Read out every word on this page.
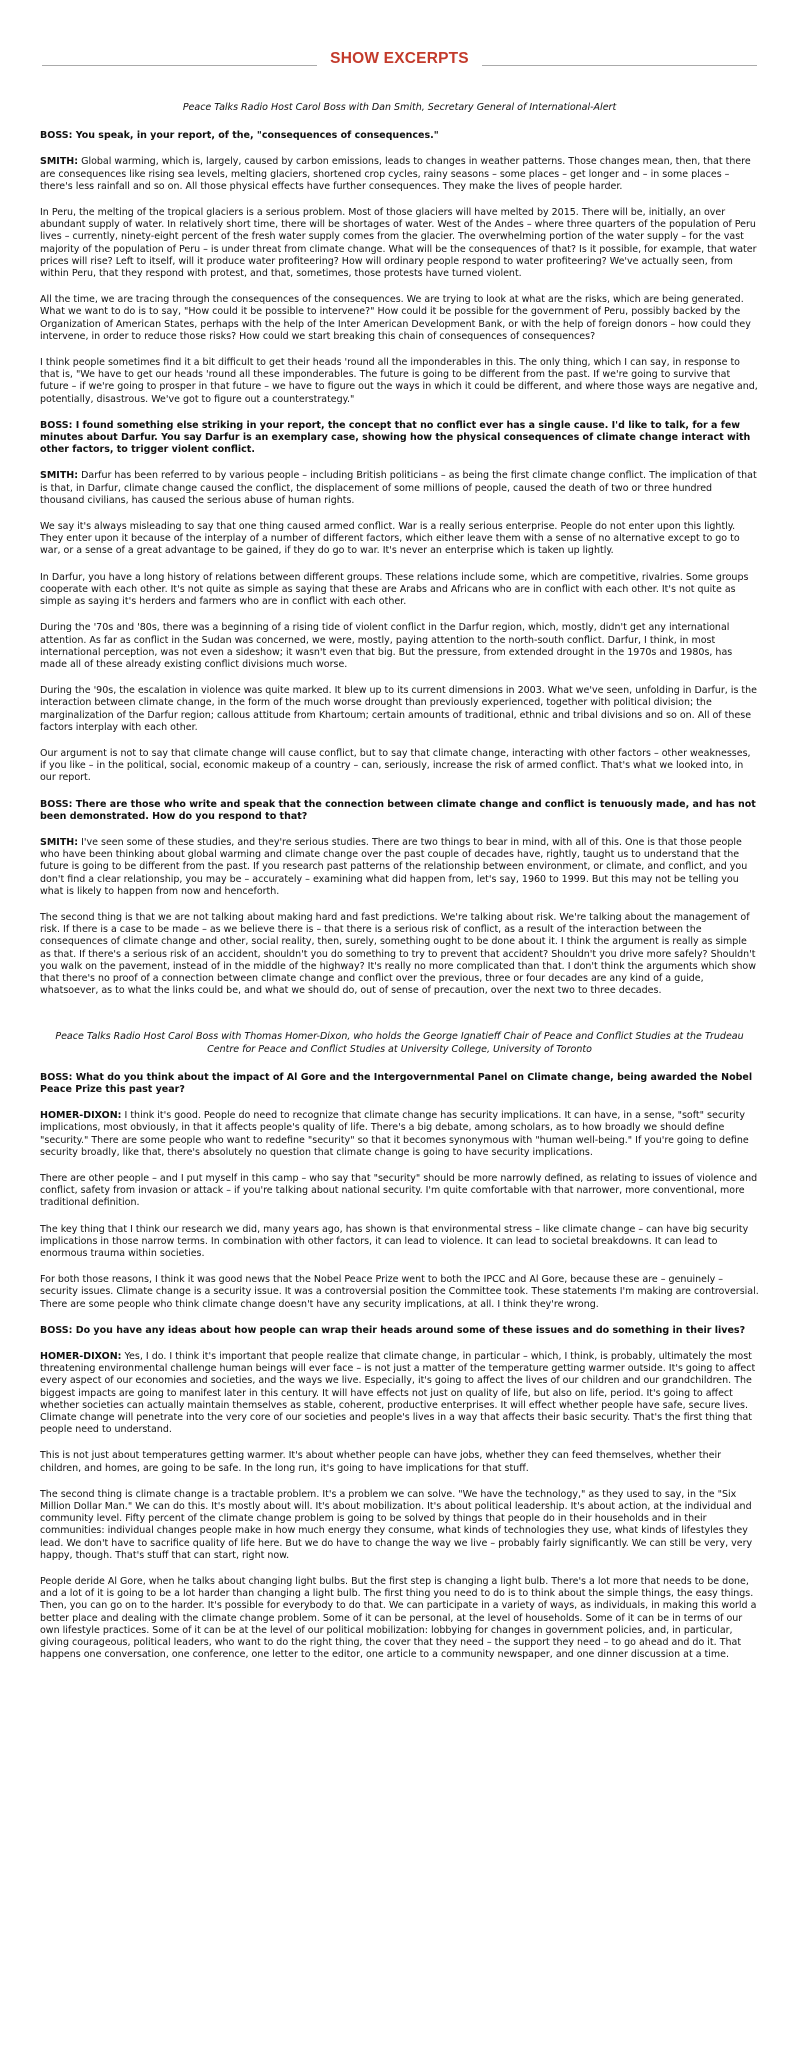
SHOW EXCERPTS
Peace Talks Radio Host Carol Boss with Dan Smith, Secretary General of International-Alert

BOSS: You speak, in your report, of the, "consequences of consequences."

SMITH: Global warming, which is, largely, caused by carbon emissions, leads to changes in weather patterns. Those changes mean, then, that there are consequences like rising sea levels, melting glaciers, shortened crop cycles, rainy seasons – some places – get longer and – in some places – there's less rainfall and so on. All those physical effects have further consequences. They make the lives of people harder.

In Peru, the melting of the tropical glaciers is a serious problem. Most of those glaciers will have melted by 2015. There will be, initially, an over abundant supply of water. In relatively short time, there will be shortages of water. West of the Andes – where three quarters of the population of Peru lives – currently, ninety-eight percent of the fresh water supply comes from the glacier. The overwhelming portion of the water supply – for the vast majority of the population of Peru – is under threat from climate change. What will be the consequences of that? Is it possible, for example, that water prices will rise? Left to itself, will it produce water profiteering? How will ordinary people respond to water profiteering? We've actually seen, from within Peru, that they respond with protest, and that, sometimes, those protests have turned violent.

All the time, we are tracing through the consequences of the consequences. We are trying to look at what are the risks, which are being generated. What we want to do is to say, "How could it be possible to intervene?" How could it be possible for the government of Peru, possibly backed by the Organization of American States, perhaps with the help of the Inter American Development Bank, or with the help of foreign donors – how could they intervene, in order to reduce those risks? How could we start breaking this chain of consequences of consequences?

I think people sometimes find it a bit difficult to get their heads 'round all the imponderables in this. The only thing, which I can say, in response to that is, "We have to get our heads 'round all these imponderables. The future is going to be different from the past. If we're going to survive that future – if we're going to prosper in that future – we have to figure out the ways in which it could be different, and where those ways are negative and, potentially, disastrous. We've got to figure out a counterstrategy."

BOSS: I found something else striking in your report, the concept that no conflict ever has a single cause. I'd like to talk, for a few minutes about Darfur. You say Darfur is an exemplary case, showing how the physical consequences of climate change interact with other factors, to trigger violent conflict.

SMITH: Darfur has been referred to by various people – including British politicians – as being the first climate change conflict. The implication of that is that, in Darfur, climate change caused the conflict, the displacement of some millions of people, caused the death of two or three hundred thousand civilians, has caused the serious abuse of human rights.

We say it's always misleading to say that one thing caused armed conflict. War is a really serious enterprise. People do not enter upon this lightly. They enter upon it because of the interplay of a number of different factors, which either leave them with a sense of no alternative except to go to war, or a sense of a great advantage to be gained, if they do go to war. It's never an enterprise which is taken up lightly.

In Darfur, you have a long history of relations between different groups. These relations include some, which are competitive, rivalries. Some groups cooperate with each other. It's not quite as simple as saying that these are Arabs and Africans who are in conflict with each other. It's not quite as simple as saying it's herders and farmers who are in conflict with each other.

During the '70s and '80s, there was a beginning of a rising tide of violent conflict in the Darfur region, which, mostly, didn't get any international attention. As far as conflict in the Sudan was concerned, we were, mostly, paying attention to the north-south conflict. Darfur, I think, in most international perception, was not even a sideshow; it wasn't even that big. But the pressure, from extended drought in the 1970s and 1980s, has made all of these already existing conflict divisions much worse.

During the '90s, the escalation in violence was quite marked. It blew up to its current dimensions in 2003. What we've seen, unfolding in Darfur, is the interaction between climate change, in the form of the much worse drought than previously experienced, together with political division; the marginalization of the Darfur region; callous attitude from Khartoum; certain amounts of traditional, ethnic and tribal divisions and so on. All of these factors interplay with each other.

Our argument is not to say that climate change will cause conflict, but to say that climate change, interacting with other factors – other weaknesses, if you like – in the political, social, economic makeup of a country – can, seriously, increase the risk of armed conflict. That's what we looked into, in our report.

BOSS: There are those who write and speak that the connection between climate change and conflict is tenuously made, and has not been demonstrated. How do you respond to that?

SMITH: I've seen some of these studies, and they're serious studies. There are two things to bear in mind, with all of this. One is that those people who have been thinking about global warming and climate change over the past couple of decades have, rightly, taught us to understand that the future is going to be different from the past. If you research past patterns of the relationship between environment, or climate, and conflict, and you don't find a clear relationship, you may be – accurately – examining what did happen from, let's say, 1960 to 1999. But this may not be telling you what is likely to happen from now and henceforth.

The second thing is that we are not talking about making hard and fast predictions. We're talking about risk. We're talking about the management of risk. If there is a case to be made – as we believe there is – that there is a serious risk of conflict, as a result of the interaction between the consequences of climate change and other, social reality, then, surely, something ought to be done about it. I think the argument is really as simple as that. If there's a serious risk of an accident, shouldn't you do something to try to prevent that accident? Shouldn't you drive more safely? Shouldn't you walk on the pavement, instead of in the middle of the highway? It's really no more complicated than that. I don't think the arguments which show that there's no proof of a connection between climate change and conflict over the previous, three or four decades are any kind of a guide, whatsoever, as to what the links could be, and what we should do, out of sense of precaution, over the next two to three decades.

Peace Talks Radio Host Carol Boss with Thomas Homer-Dixon, who holds the George Ignatieff Chair of Peace and Conflict Studies at the Trudeau Centre for Peace and Conflict Studies at University College, University of Toronto

BOSS: What do you think about the impact of Al Gore and the Intergovernmental Panel on Climate change, being awarded the Nobel Peace Prize this past year?

HOMER-DIXON: I think it's good. People do need to recognize that climate change has security implications. It can have, in a sense, "soft" security implications, most obviously, in that it affects people's quality of life. There's a big debate, among scholars, as to how broadly we should define "security." There are some people who want to redefine "security" so that it becomes synonymous with "human well-being." If you're going to define security broadly, like that, there's absolutely no question that climate change is going to have security implications.

There are other people – and I put myself in this camp – who say that "security" should be more narrowly defined, as relating to issues of violence and conflict, safety from invasion or attack – if you're talking about national security. I'm quite comfortable with that narrower, more conventional, more traditional definition.

The key thing that I think our research we did, many years ago, has shown is that environmental stress – like climate change – can have big security implications in those narrow terms. In combination with other factors, it can lead to violence. It can lead to societal breakdowns. It can lead to enormous trauma within societies.

For both those reasons, I think it was good news that the Nobel Peace Prize went to both the IPCC and Al Gore, because these are – genuinely – security issues. Climate change is a security issue. It was a controversial position the Committee took. These statements I'm making are controversial. There are some people who think climate change doesn't have any security implications, at all. I think they're wrong.

BOSS: Do you have any ideas about how people can wrap their heads around some of these issues and do something in their lives?

HOMER-DIXON: Yes, I do. I think it's important that people realize that climate change, in particular – which, I think, is probably, ultimately the most threatening environmental challenge human beings will ever face – is not just a matter of the temperature getting warmer outside. It's going to affect every aspect of our economies and societies, and the ways we live. Especially, it's going to affect the lives of our children and our grandchildren. The biggest impacts are going to manifest later in this century. It will have effects not just on quality of life, but also on life, period. It's going to affect whether societies can actually maintain themselves as stable, coherent, productive enterprises. It will effect whether people have safe, secure lives. Climate change will penetrate into the very core of our societies and people's lives in a way that affects their basic security. That's the first thing that people need to understand.

This is not just about temperatures getting warmer. It's about whether people can have jobs, whether they can feed themselves, whether their children, and homes, are going to be safe. In the long run, it's going to have implications for that stuff.

The second thing is climate change is a tractable problem. It's a problem we can solve. "We have the technology," as they used to say, in the "Six Million Dollar Man." We can do this. It's mostly about will. It's about mobilization. It's about political leadership. It's about action, at the individual and community level. Fifty percent of the climate change problem is going to be solved by things that people do in their households and in their communities: individual changes people make in how much energy they consume, what kinds of technologies they use, what kinds of lifestyles they lead. We don't have to sacrifice quality of life here. But we do have to change the way we live – probably fairly significantly. We can still be very, very happy, though. That's stuff that can start, right now.

People deride Al Gore, when he talks about changing light bulbs. But the first step is changing a light bulb. There's a lot more that needs to be done, and a lot of it is going to be a lot harder than changing a light bulb. The first thing you need to do is to think about the simple things, the easy things. Then, you can go on to the harder. It's possible for everybody to do that. We can participate in a variety of ways, as individuals, in making this world a better place and dealing with the climate change problem. Some of it can be personal, at the level of households. Some of it can be in terms of our own lifestyle practices. Some of it can be at the level of our political mobilization: lobbying for changes in government policies, and, in particular, giving courageous, political leaders, who want to do the right thing, the cover that they need – the support they need – to go ahead and do it. That happens one conversation, one conference, one letter to the editor, one article to a community newspaper, and one dinner discussion at a time.
